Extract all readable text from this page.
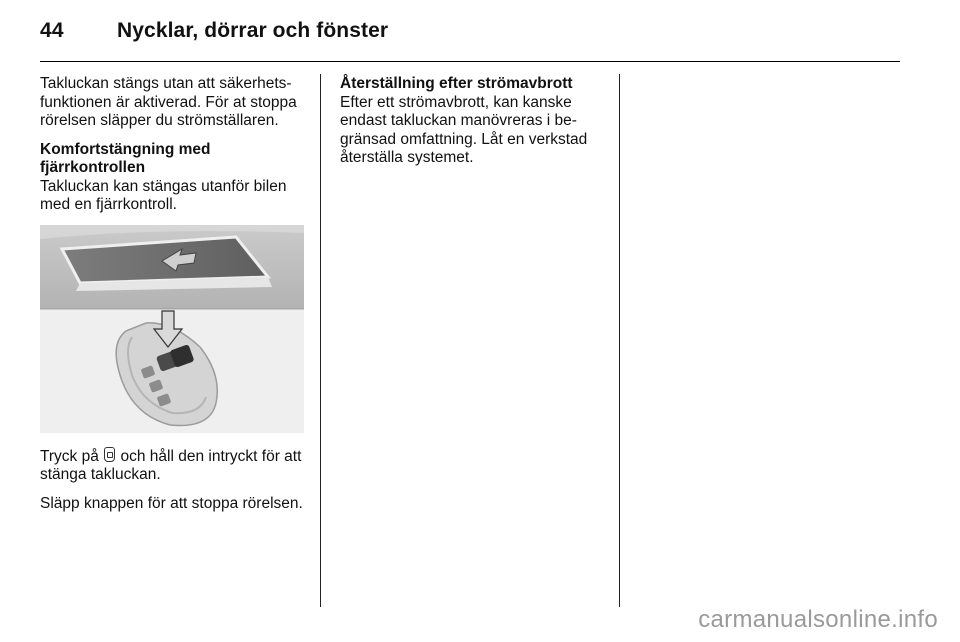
44	Nycklar, dörrar och fönster

Takluckan stängs utan att säkerhetsfunktionen är aktiverad. För at stoppa rörelsen släpper du strömställaren.

Komfortstängning med fjärrkontrollen

Takluckan kan stängas utanför bilen med en fjärrkontroll.

Tryck på och håll den intryckt för att stänga takluckan.

Släpp knappen för att stoppa rörelsen.

Återställning efter strömavbrott

Efter ett strömavbrott, kan kanske endast takluckan manövreras i begränsad omfattning. Låt en verkstad återställa systemet.

carmanualsonline.info
